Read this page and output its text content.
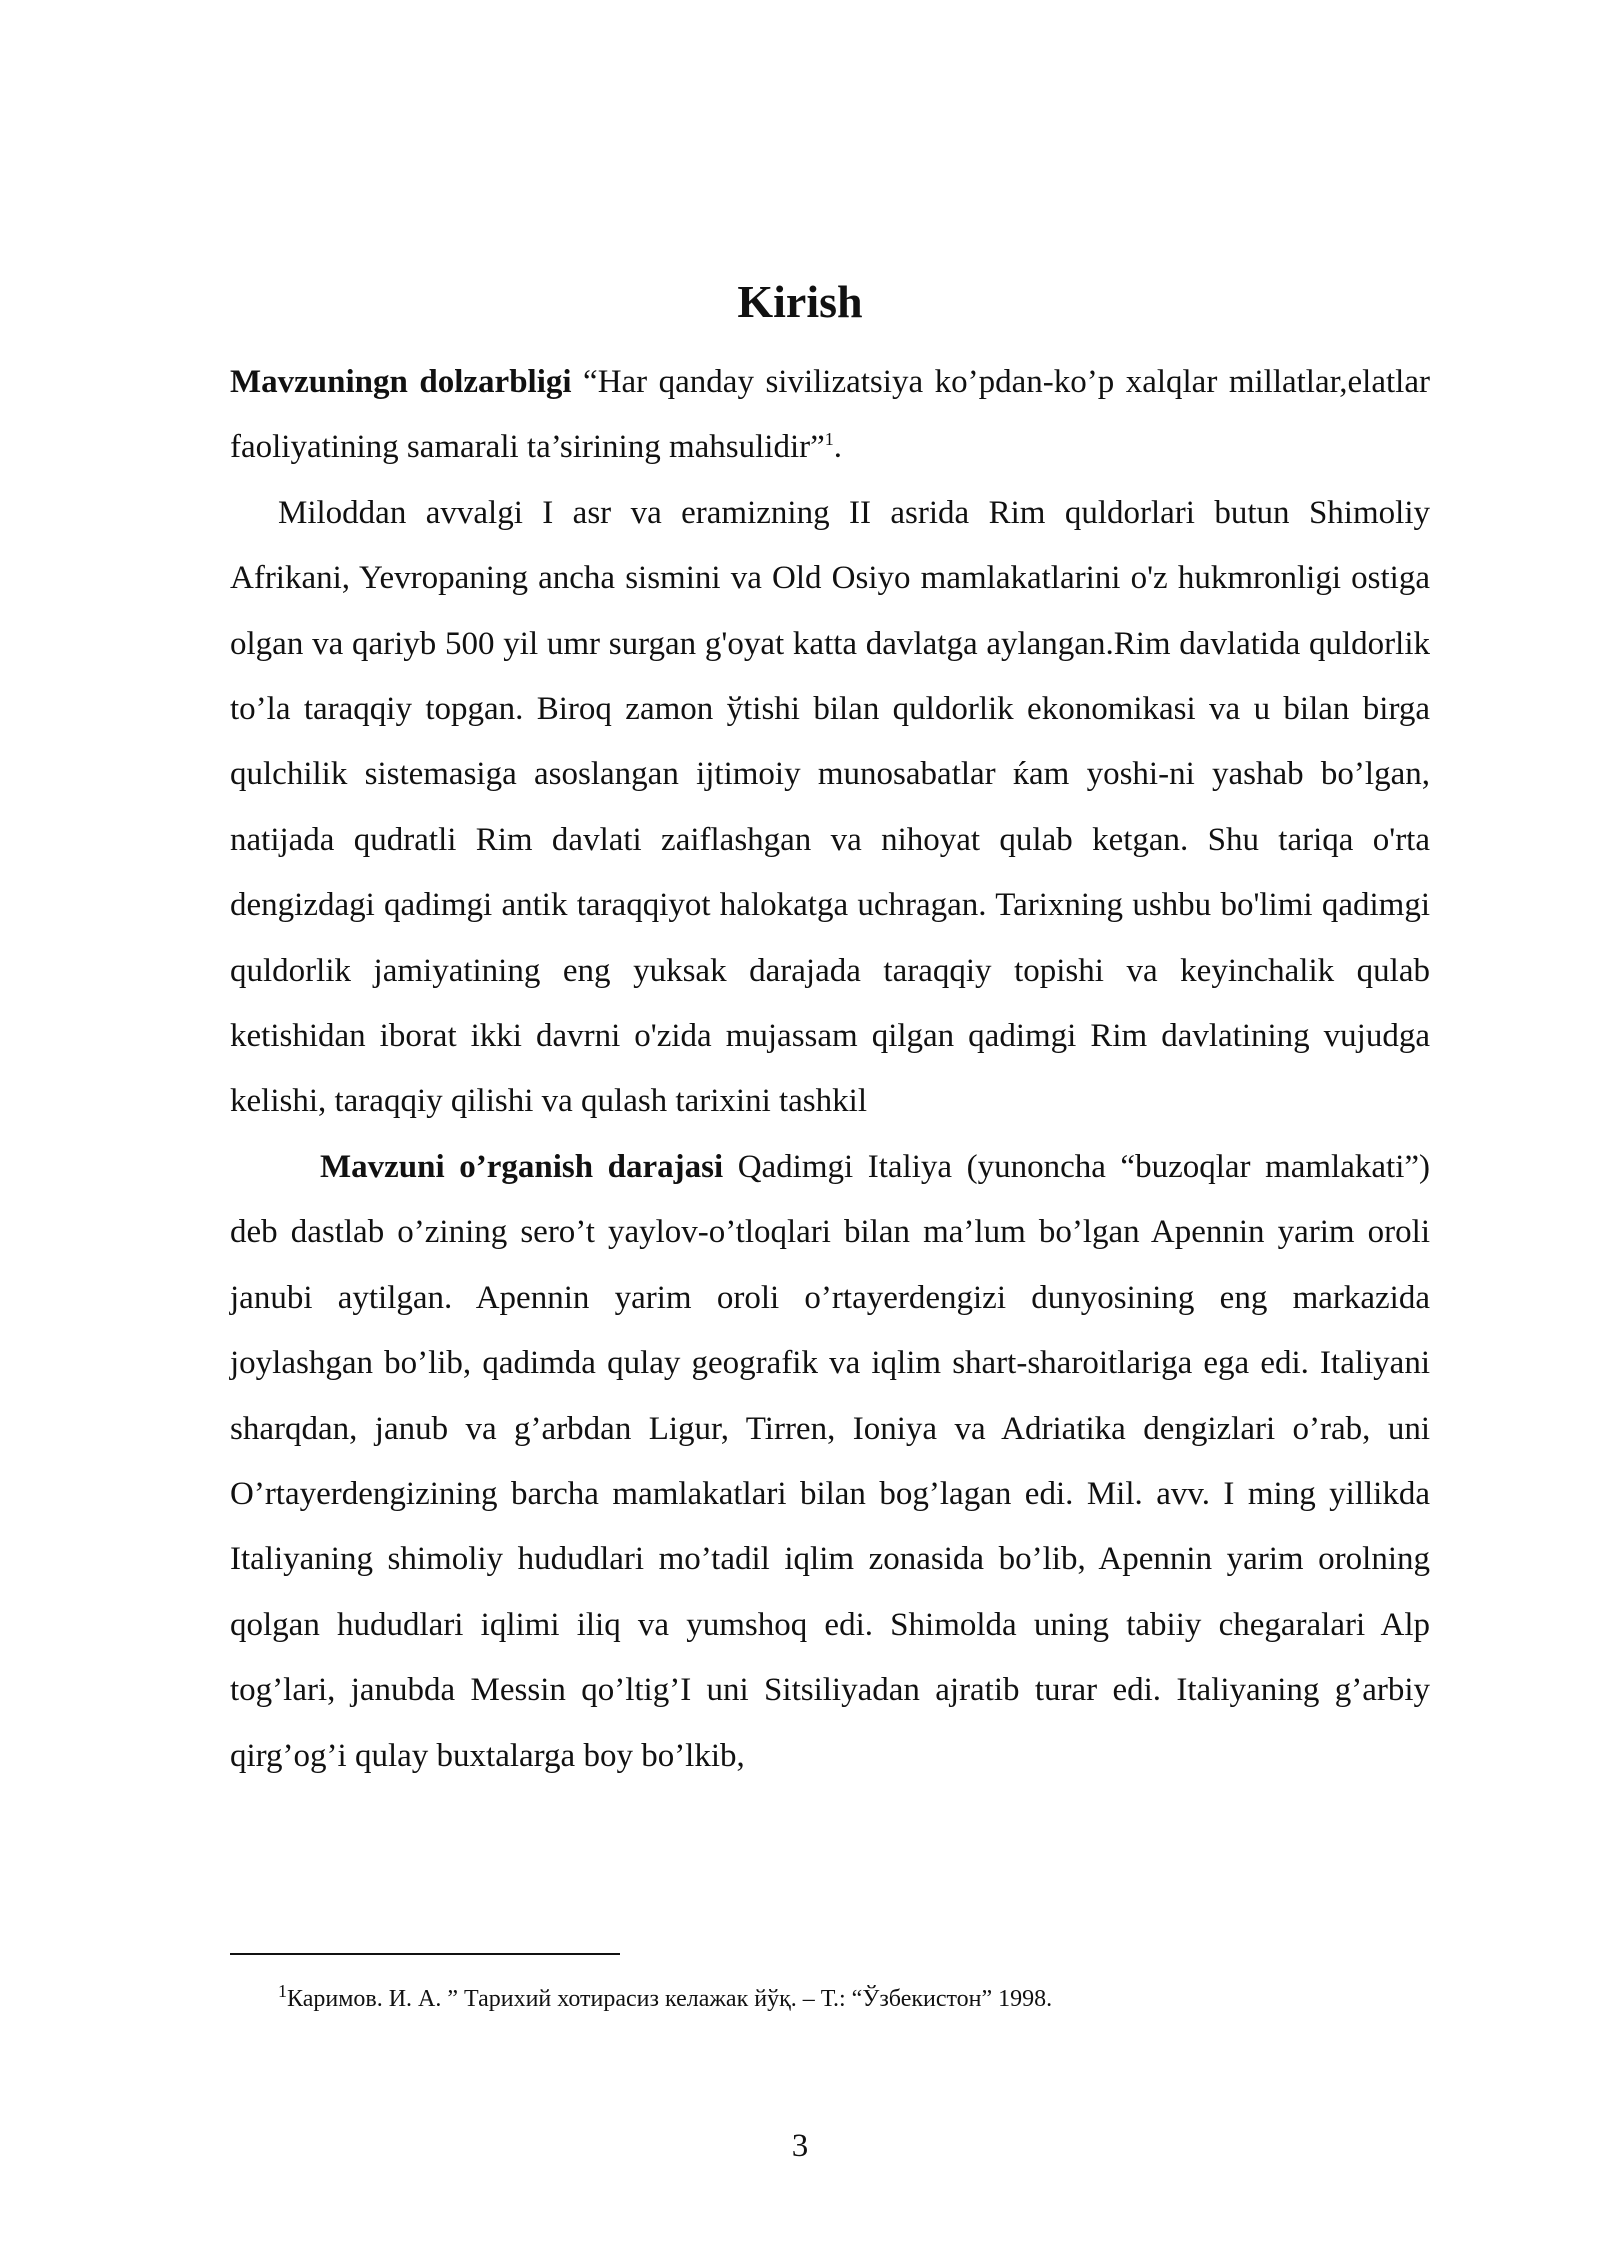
Kirish

Mavzuningn dolzarbligi “Har qanday sivilizatsiya ko’pdan-ko’p xalqlar millatlar,elatlar faoliyatining samarali ta’sirining mahsulidir”$^1$.

Miloddan avvalgi I asr va eramizning II asrida Rim quldorlari butun Shimoliy Afrikani, Yevropaning ancha sismini va Old Osiyo mamlakatlarini o'z hukmronligi ostiga olgan va qariyb 500 yil umr surgan g'oyat katta davlatga aylangan.Rim davlatida quldorlik to’la taraqqiy topgan. Biroq zamon ўtishi bilan quldorlik ekonomikasi va u bilan birga qulchilik sistemasiga asoslangan ijtimoiy munosabatlar ќam yoshi-ni yashab bo’lgan, natijada qudratli Rim davlati zaiflashgan va nihoyat qulab ketgan. Shu tariqa o'rta dengizdagi qadimgi antik taraqqiyot halokatga uchragan. Tarixning ushbu bo'limi qadimgi quldorlik jamiyatining eng yuksak darajada taraqqiy topishi va keyinchalik qulab ketishidan iborat ikki davrni o'zida mujassam qilgan qadimgi Rim davlatining vujudga kelishi, taraqqiy qilishi va qulash tarixini tashkil

Mavzuni o’rganish darajasi Qadimgi Italiya (yunoncha “buzoqlar mamlakati”) deb dastlab o’zining sero’t yaylov-o’tloqlari bilan ma’lum bo’lgan Apennin yarim oroli janubi aytilgan. Apennin yarim oroli o’rtayerdengizi dunyosining eng markazida joylashgan bo’lib, qadimda qulay geografik va iqlim shart-sharoitlariga ega edi. Italiyani sharqdan, janub va g’arbdan Ligur, Tirren, Ioniya va Adriatika dengizlari o’rab, uni O’rtayerdengizining barcha mamlakatlari bilan bog’lagan edi. Mil. avv. I ming yillikda Italiyaning shimoliy hududlari mo’tadil iqlim zonasida bo’lib, Apennin yarim orolning qolgan hududlari iqlimi iliq va yumshoq edi. Shimolda uning tabiiy chegaralari Alp tog’lari, janubda Messin qo’ltig’I uni Sitsiliyadan ajratib turar edi. Italiyaning g’arbiy qirg’og’i qulay buxtalarga boy bo’lkib,

$^1$Каримов. И. А. ” Тарихий хотирасиз келажак йўқ. – Т.: “Ўзбекистон” 1998.
3
